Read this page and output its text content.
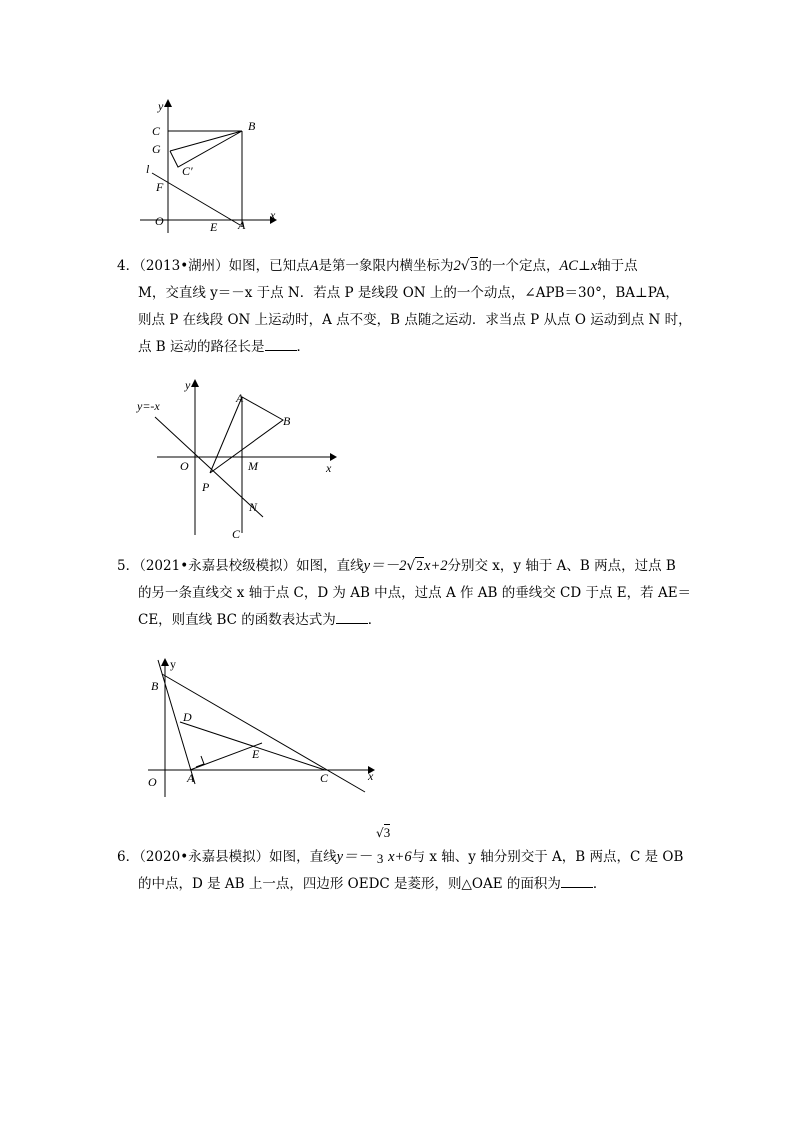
y
C	B
G
C′
l
F
O	E A
x

4．（2013•湖州）如图，已知点A是第一象限内横坐标为2√3的一个定点，AC⊥x轴于点

M，交直线 y＝－x 于点 N．若点 P 是线段 ON 上的一个动点，∠APB＝30°，BA⊥PA，

则点 P 在线段 ON 上运动时，A 点不变，B 点随之运动．求当点 P 从点 O 运动到点 N 时，

点 B 运动的路径长是 ．

y
y=-x
A
B
O	M	x
P
N
C

5．（2021•永嘉县校级模拟）如图，直线y＝－2√2x+2分别交 x，y 轴于 A、B 两点，过点 B

的另一条直线交 x 轴于点 C，D 为 AB 中点，过点 A 作 AB 的垂线交 CD 于点 E，若 AE＝

CE，则直线 BC 的函数表达式为 ．

y
B
D
E
O	A	C	x

6．（2020•永嘉县模拟）如图，直线y＝－
√3
3 x+6与 x 轴、y 轴分别交于 A，B 两点，C 是 OB

的中点，D 是 AB 上一点，四边形 OEDC 是菱形，则△OAE 的面积为 ．
